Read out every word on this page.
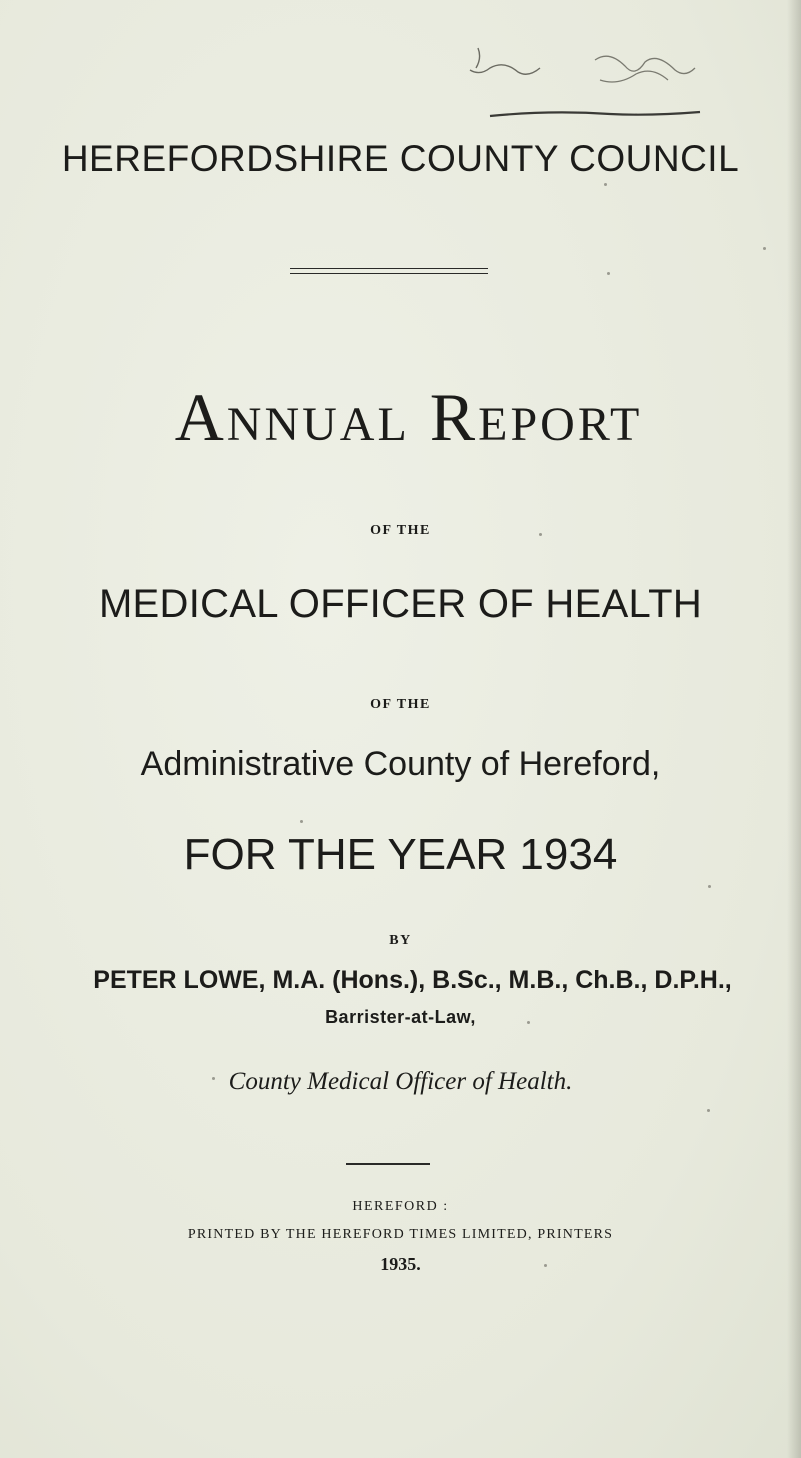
HEREFORDSHIRE COUNTY COUNCIL
Annual Report
OF THE
MEDICAL OFFICER OF HEALTH
OF THE
Administrative County of Hereford,
FOR THE YEAR 1934
BY
PETER LOWE, M.A. (Hons.), B.Sc., M.B., Ch.B., D.P.H.,
Barrister-at-Law,
County Medical Officer of Health.
HEREFORD :
PRINTED BY THE HEREFORD TIMES LIMITED, PRINTERS
1935.
